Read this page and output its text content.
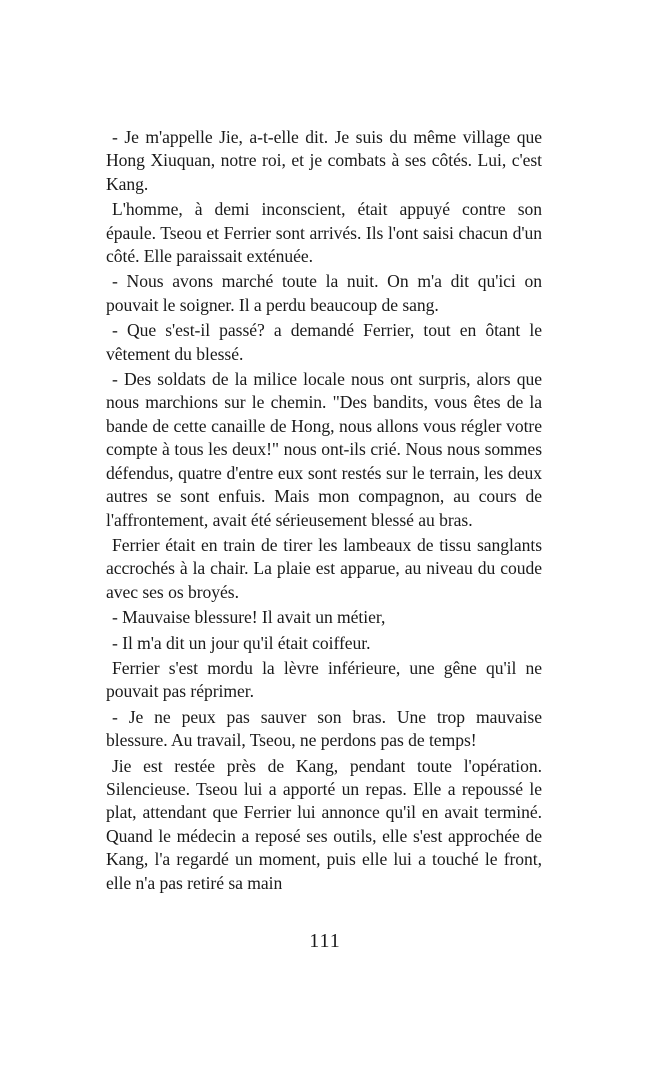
- Je m'appelle Jie, a-t-elle dit. Je suis du même village que Hong Xiuquan, notre roi, et je combats à ses côtés. Lui, c'est Kang.

L'homme, à demi inconscient, était appuyé contre son épaule. Tseou et Ferrier sont arrivés. Ils l'ont saisi chacun d'un côté. Elle paraissait exténuée.

- Nous avons marché toute la nuit. On m'a dit qu'ici on pouvait le soigner. Il a perdu beaucoup de sang.

- Que s'est-il passé? a demandé Ferrier, tout en ôtant le vêtement du blessé.

- Des soldats de la milice locale nous ont surpris, alors que nous marchions sur le chemin. "Des bandits, vous êtes de la bande de cette canaille de Hong, nous allons vous régler votre compte à tous les deux!" nous ont-ils crié. Nous nous sommes défendus, quatre d'entre eux sont restés sur le terrain, les deux autres se sont enfuis. Mais mon compagnon, au cours de l'affrontement, avait été sérieusement blessé au bras.

Ferrier était en train de tirer les lambeaux de tissu sanglants accrochés à la chair. La plaie est apparue, au niveau du coude avec ses os broyés.

- Mauvaise blessure! Il avait un métier,

- Il m'a dit un jour qu'il était coiffeur.

Ferrier s'est mordu la lèvre inférieure, une gêne qu'il ne pouvait pas réprimer.

- Je ne peux pas sauver son bras. Une trop mauvaise blessure. Au travail, Tseou, ne perdons pas de temps!

Jie est restée près de Kang, pendant toute l'opération. Silencieuse. Tseou lui a apporté un repas. Elle a repoussé le plat, attendant que Ferrier lui annonce qu'il en avait terminé. Quand le médecin a reposé ses outils, elle s'est approchée de Kang, l'a regardé un moment, puis elle lui a touché le front, elle n'a pas retiré sa main

111
